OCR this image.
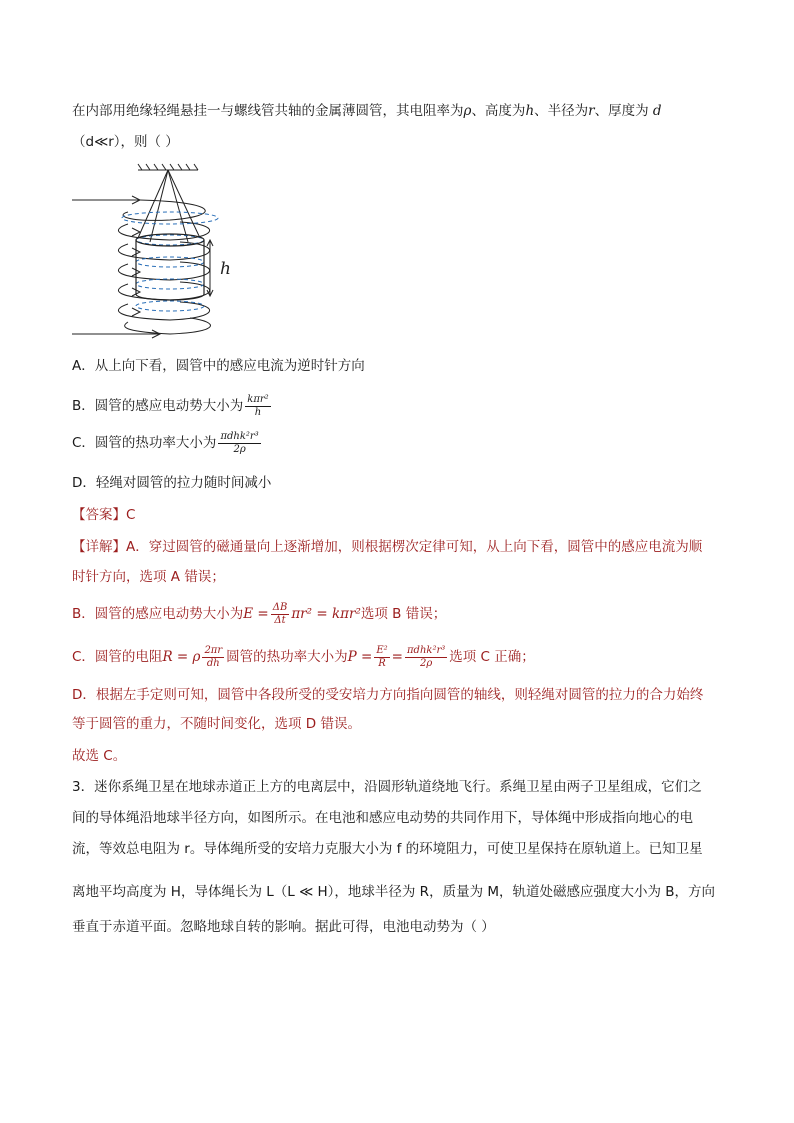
在内部用绝缘轻绳悬挂一与螺线管共轴的金属薄圆管，其电阻率为ρ、高度为h、半径为r、厚度为 d
（d≪r），则（ ）
h
A．从上向下看，圆管中的感应电流为逆时针方向
B．圆管的感应电动势大小为 $\frac{\text{kπr²}}{h}$
C．圆管的热功率大小为 $\frac{\text{πdhk²r³}}{2\rho}$
D．轻绳对圆管的拉力随时间减小
【答案】C
【详解】A．穿过圆管的磁通量向上逐渐增加，则根据楞次定律可知，从上向下看，圆管中的感应电流为顺
时针方向，选项 A 错误；
B．圆管的感应电动势大小为$E = \frac{\Delta B}{\Delta t} \pi r^2 = k\pi r^2$选项 B 错误；
C．圆管的电阻R = ρ $\frac{2\pi r}{dh}$ 圆管的热功率大小为$P = \frac{\text{E²}}{R} = \frac{\text{πdhk²r³}}{2\rho}$ 选项 C 正确；
D．根据左手定则可知，圆管中各段所受的受安培力方向指向圆管的轴线，则轻绳对圆管的拉力的合力始终
等于圆管的重力，不随时间变化，选项 D 错误。
故选 C。
3．迷你系绳卫星在地球赤道正上方的电离层中，沿圆形轨道绕地飞行。系绳卫星由两子卫星组成，它们之
间的导体绳沿地球半径方向，如图所示。在电池和感应电动势的共同作用下，导体绳中形成指向地心的电
流，等效总电阻为 r。导体绳所受的安培力克服大小为 f 的环境阻力，可使卫星保持在原轨道上。已知卫星
离地平均高度为 H，导体绳长为 L（L ≪ H），地球半径为 R，质量为 M，轨道处磁感应强度大小为 B，方向
垂直于赤道平面。忽略地球自转的影响。据此可得，电池电动势为（ ）
